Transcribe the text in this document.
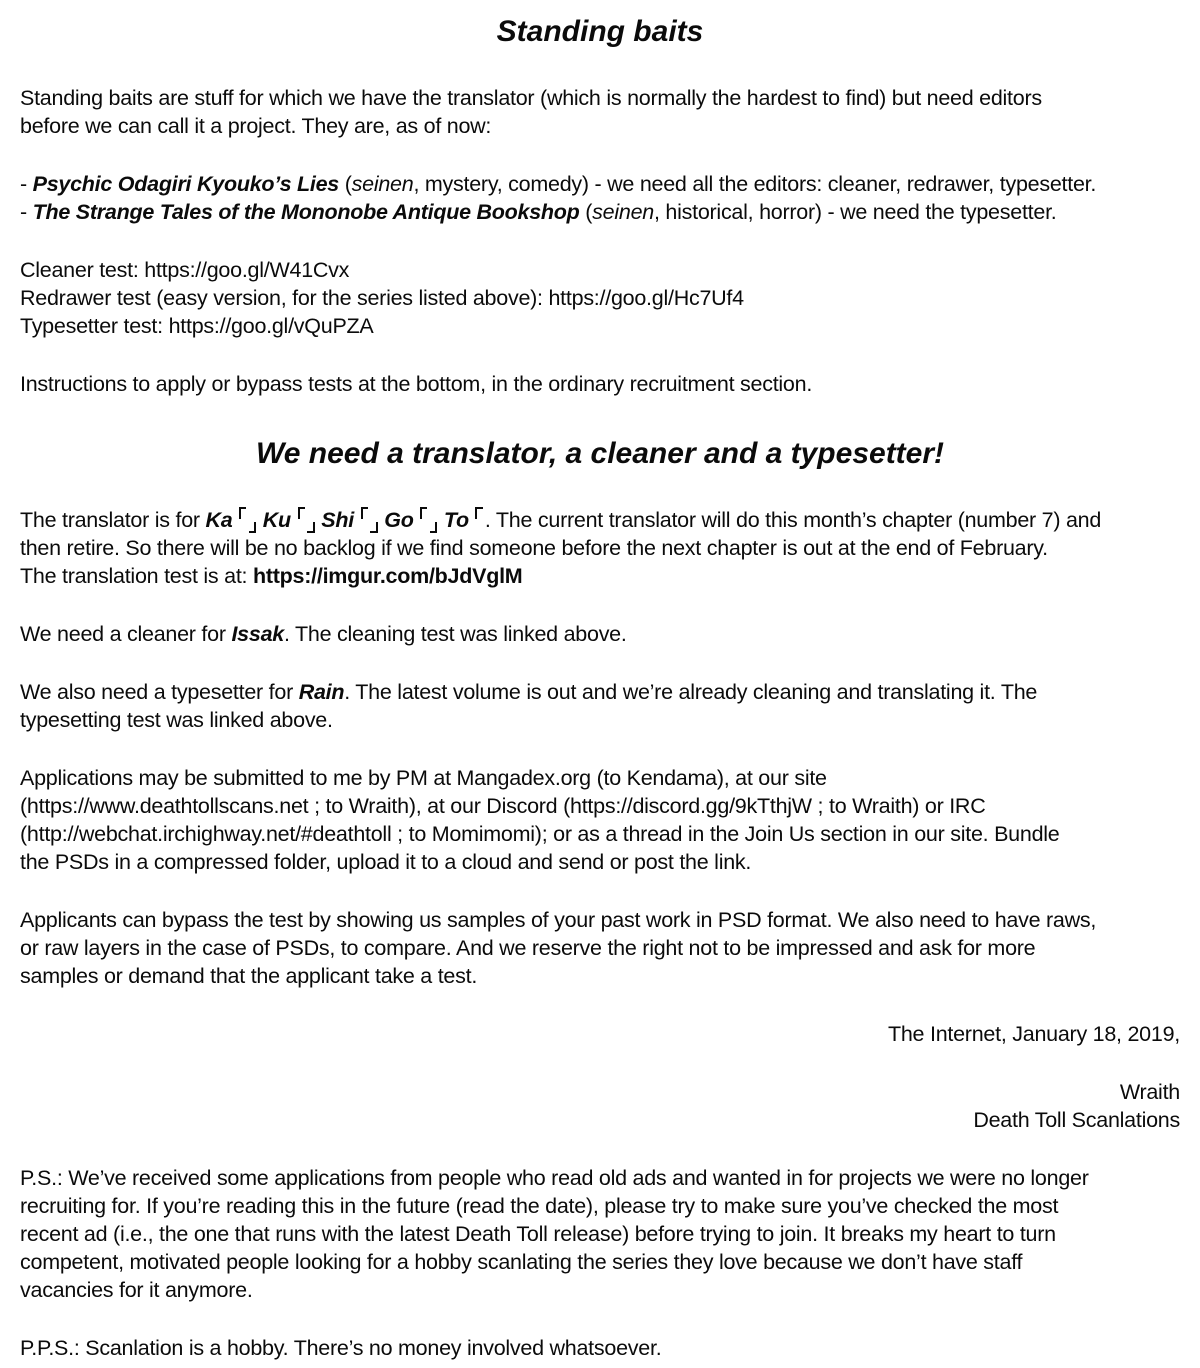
Standing baits
Standing baits are stuff for which we have the translator (which is normally the hardest to find) but need editors
before we can call it a project. They are, as of now:
- Psychic Odagiri Kyouko’s Lies (seinen, mystery, comedy) - we need all the editors: cleaner, redrawer, typesetter.
- The Strange Tales of the Mononobe Antique Bookshop (seinen, historical, horror) - we need the typesetter.
Cleaner test: https://goo.gl/W41Cvx
Redrawer test (easy version, for the series listed above): https://goo.gl/Hc7Uf4
Typesetter test: https://goo.gl/vQuPZA
Instructions to apply or bypass tests at the bottom, in the ordinary recruitment section.
We need a translator, a cleaner and a typesetter!
The translator is for Ka  Ku  Shi  Go  To . The current translator will do this month’s chapter (number 7) and
then retire. So there will be no backlog if we find someone before the next chapter is out at the end of February.
The translation test is at: https://imgur.com/bJdVglM
We need a cleaner for Issak. The cleaning test was linked above.
We also need a typesetter for Rain. The latest volume is out and we’re already cleaning and translating it. The
typesetting test was linked above.
Applications may be submitted to me by PM at Mangadex.org (to Kendama), at our site
(https://www.deathtollscans.net ; to Wraith), at our Discord (https://discord.gg/9kTthjW ; to Wraith) or IRC
(http://webchat.irchighway.net/#deathtoll ; to Momimomi); or as a thread in the Join Us section in our site. Bundle
the PSDs in a compressed folder, upload it to a cloud and send or post the link.
Applicants can bypass the test by showing us samples of your past work in PSD format. We also need to have raws,
or raw layers in the case of PSDs, to compare. And we reserve the right not to be impressed and ask for more
samples or demand that the applicant take a test.
The Internet, January 18, 2019,
Wraith
Death Toll Scanlations
P.S.: We’ve received some applications from people who read old ads and wanted in for projects we were no longer
recruiting for. If you’re reading this in the future (read the date), please try to make sure you’ve checked the most
recent ad (i.e., the one that runs with the latest Death Toll release) before trying to join. It breaks my heart to turn
competent, motivated people looking for a hobby scanlating the series they love because we don’t have staff
vacancies for it anymore.
P.P.S.: Scanlation is a hobby. There’s no money involved whatsoever.
